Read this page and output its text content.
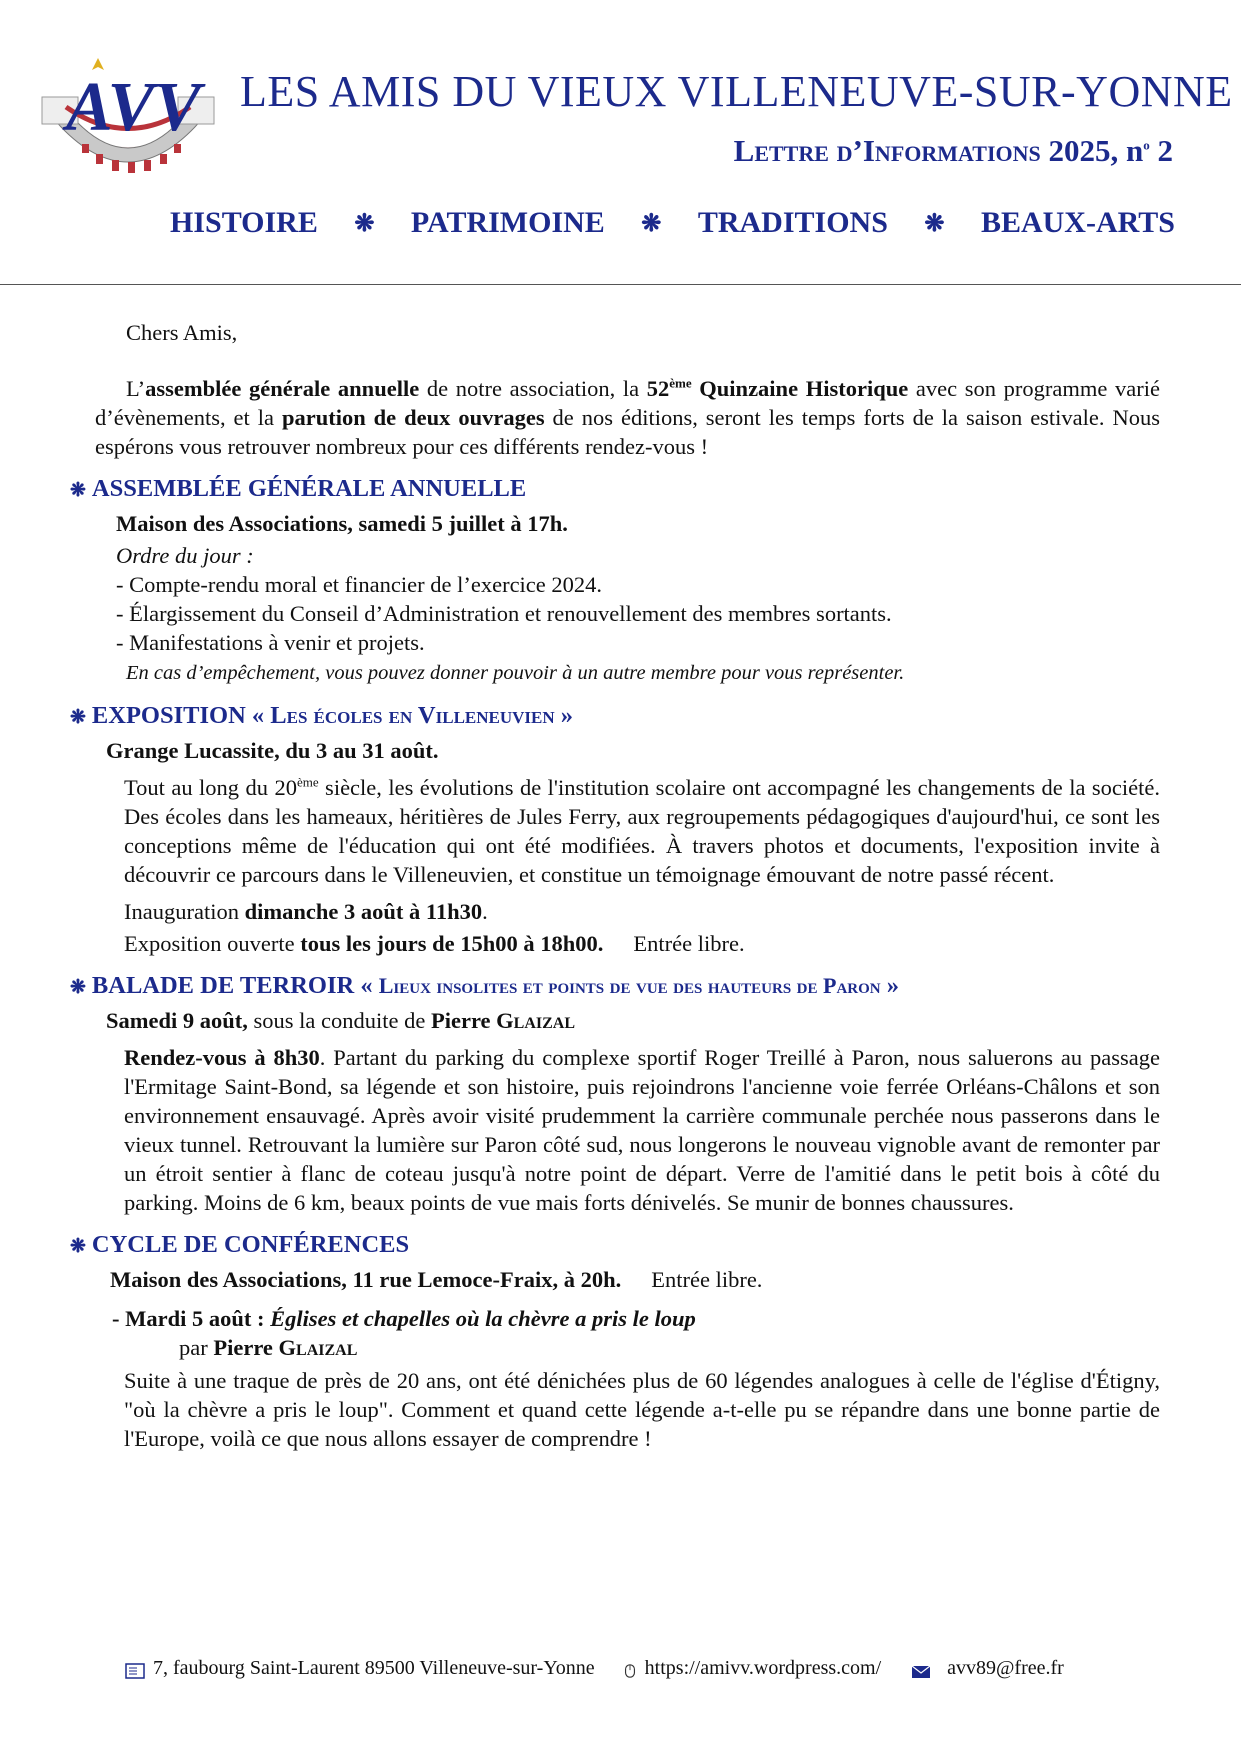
AVV LES AMIS DU VIEUX VILLENEUVE-SUR-YONNE
Lettre d’Informations 2025, $n^o$ 2
HISTOIRE ❋ PATRIMOINE ❋ TRADITIONS ❋ BEAUX-ARTS

Chers Amis,

L’assemblée générale annuelle de notre association, la 52ème Quinzaine Historique avec son programme varié d’évènements, et la parution de deux ouvrages de nos éditions, seront les temps forts de la saison estivale. Nous espérons vous retrouver nombreux pour ces différents rendez-vous !

❋ ASSEMBLÉE GÉNÉRALE ANNUELLE

Maison des Associations, samedi 5 juillet à 17h.

Ordre du jour :

- Compte-rendu moral et financier de l’exercice 2024.

- Élargissement du Conseil d’Administration et renouvellement des membres sortants.

- Manifestations à venir et projets.

En cas d’empêchement, vous pouvez donner pouvoir à un autre membre pour vous représenter.

❋ EXPOSITION « Les écoles en Villeneuvien »

Grange Lucassite, du 3 au 31 août.

Tout au long du 20ème siècle, les évolutions de l'institution scolaire ont accompagné les changements de la société. Des écoles dans les hameaux, héritières de Jules Ferry, aux regroupements pédagogiques d'aujourd'hui, ce sont les conceptions même de l'éducation qui ont été modifiées. À travers photos et documents, l'exposition invite à découvrir ce parcours dans le Villeneuvien, et constitue un témoignage émouvant de notre passé récent.

Inauguration dimanche 3 août à 11h30.

Exposition ouverte tous les jours de 15h00 à 18h00. Entrée libre.

❋ BALADE DE TERROIR « Lieux insolites et points de vue des hauteurs de Paron »

Samedi 9 août, sous la conduite de Pierre Glaizal

Rendez-vous à 8h30. Partant du parking du complexe sportif Roger Treillé à Paron, nous saluerons au passage l'Ermitage Saint-Bond, sa légende et son histoire, puis rejoindrons l'ancienne voie ferrée Orléans-Châlons et son environnement ensauvagé. Après avoir visité prudemment la carrière communale perchée nous passerons dans le vieux tunnel. Retrouvant la lumière sur Paron côté sud, nous longerons le nouveau vignoble avant de remonter par un étroit sentier à flanc de coteau jusqu'à notre point de départ. Verre de l'amitié dans le petit bois à côté du parking. Moins de 6 km, beaux points de vue mais forts dénivelés. Se munir de bonnes chaussures.

❋ CYCLE DE CONFÉRENCES

Maison des Associations, 11 rue Lemoce-Fraix, à 20h. Entrée libre.

- Mardi 5 août : Églises et chapelles où la chèvre a pris le loup

par Pierre Glaizal

Suite à une traque de près de 20 ans, ont été dénichées plus de 60 légendes analogues à celle de l'église d'Étigny, "où la chèvre a pris le loup". Comment et quand cette légende a-t-elle pu se répandre dans une bonne partie de l'Europe, voilà ce que nous allons essayer de comprendre !

7, faubourg Saint-Laurent 89500 Villeneuve-sur-Yonne	https://amivv.wordpress.com/	avv89@free.fr
